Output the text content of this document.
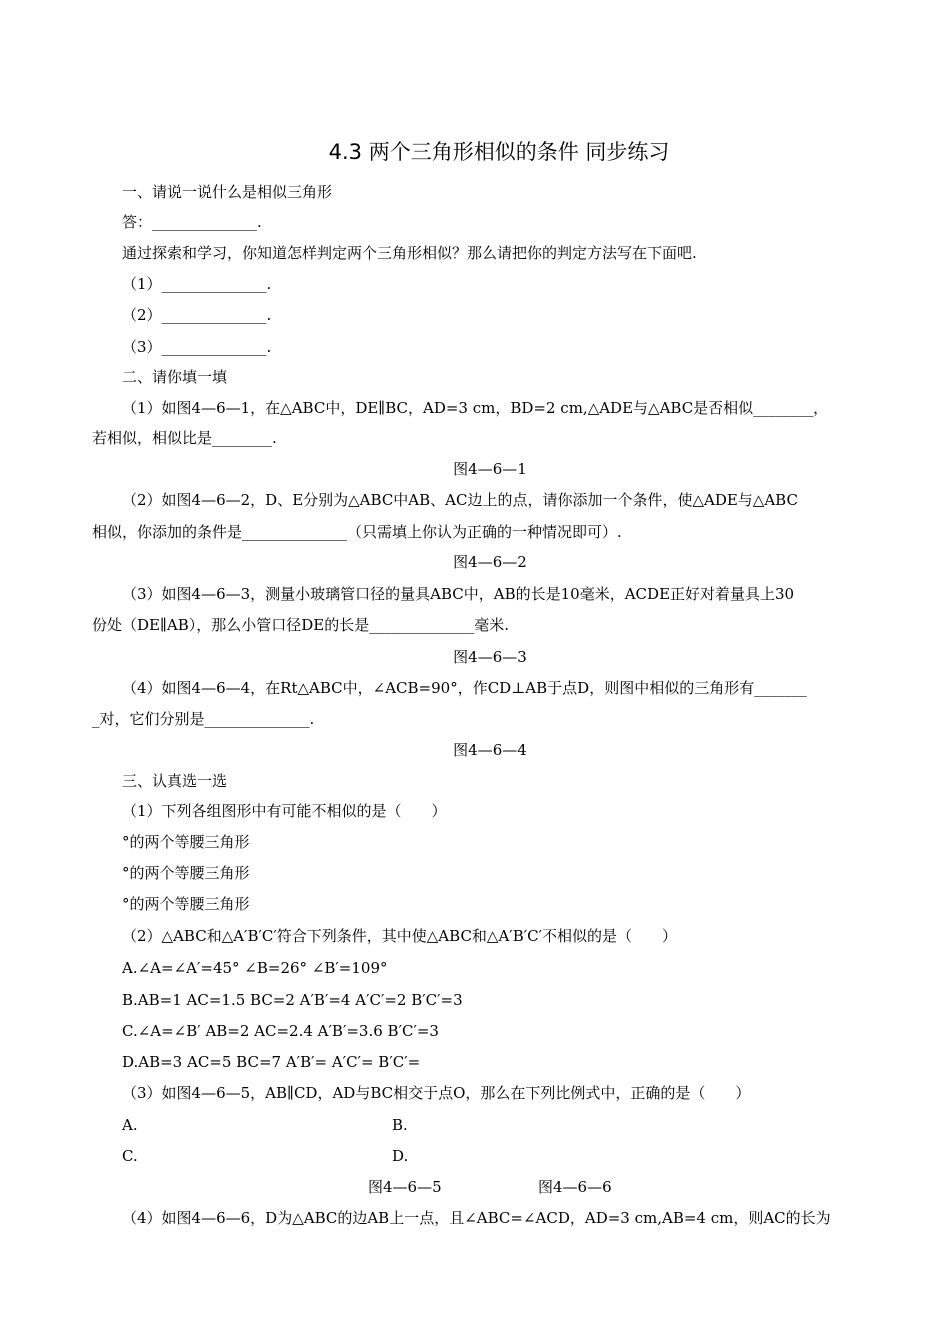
4.3 两个三角形相似的条件 同步练习
一、请说一说什么是相似三角形
答：______________.
通过探索和学习，你知道怎样判定两个三角形相似？那么请把你的判定方法写在下面吧.
（1）______________.
（2）______________.
（3）______________.
二、请你填一填
（1）如图4—6—1，在△ABC中，DE∥BC，AD=3 cm，BD=2 cm,△ADE与△ABC是否相似________，
若相似，相似比是________.
图4—6—1
（2）如图4—6—2，D、E分别为△ABC中AB、AC边上的点，请你添加一个条件，使△ADE与△ABC
相似，你添加的条件是______________（只需填上你认为正确的一种情况即可）.
图4—6—2
（3）如图4—6—3，测量小玻璃管口径的量具ABC中，AB的长是10毫米，ACDE正好对着量具上30
份处（DE∥AB），那么小管口径DE的长是______________毫米.
图4—6—3
（4）如图4—6—4，在Rt△ABC中，∠ACB=90°，作CD⊥AB于点D，则图中相似的三角形有_______
_对，它们分别是______________.
图4—6—4
三、认真选一选
（1）下列各组图形中有可能不相似的是（　　）
°的两个等腰三角形
°的两个等腰三角形
°的两个等腰三角形
（2）△ABC和△A′B′C′符合下列条件，其中使△ABC和△A′B′C′不相似的是（　　）
A.∠A=∠A′=45° ∠B=26° ∠B′=109°
B.AB=1 AC=1.5 BC=2 A′B′=4 A′C′=2 B′C′=3
C.∠A=∠B′ AB=2 AC=2.4 A′B′=3.6 B′C′=3
D.AB=3 AC=5 BC=7 A′B′= A′C′= B′C′=
（3）如图4—6—5，AB∥CD，AD与BC相交于点O，那么在下列比例式中，正确的是（　　）
A.	B.
C.	D.
图4—6—5	图4—6—6
（4）如图4—6—6，D为△ABC的边AB上一点，且∠ABC=∠ACD，AD=3 cm,AB=4 cm，则AC的长为
